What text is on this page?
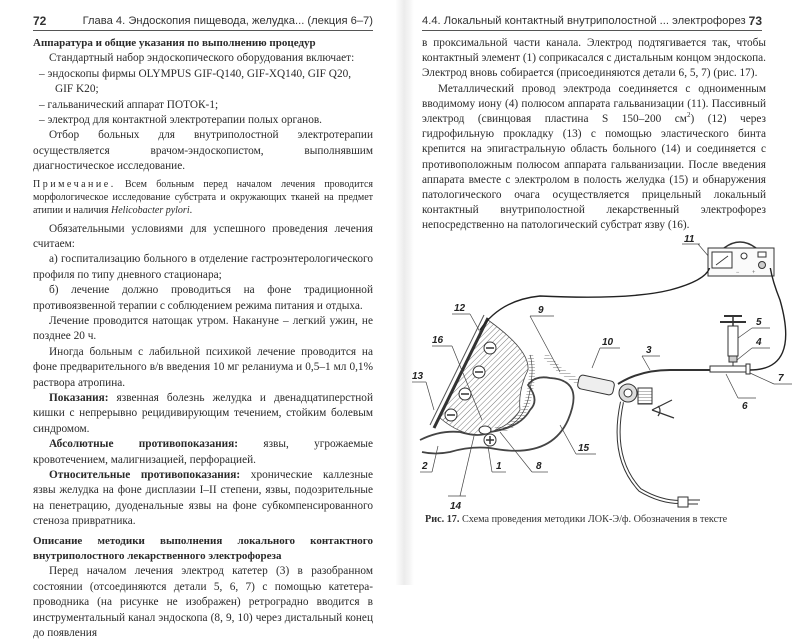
72	Глава 4. Эндоскопия пищевода, желудка... (лекция 6–7)

Аппаратура и общие указания по выполнению процедур

Стандартный набор эндоскопического оборудования включает:

– эндоскопы фирмы OLYMPUS GIF-Q140, GIF-XQ140, GIF Q20,

GIF K20;

– гальванический аппарат ПОТОК-1;

– электрод для контактной электротерапии полых органов.

Отбор больных для внутриполостной электротерапии осуществляется врачом-эндоскопистом, выполнявшим диагностическое исследование.

Примечание. Всем больным перед началом лечения проводится морфологическое исследование субстрата и окружающих тканей на предмет атипии и наличия Helicobacter pylori.

Обязательными условиями для успешного проведения лечения считаем:

а) госпитализацию больного в отделение гастроэнтерологического профиля по типу дневного стационара;

б) лечение должно проводиться на фоне традиционной противоязвенной терапии с соблюдением режима питания и отдыха.

Лечение проводится натощак утром. Накануне – легкий ужин, не позднее 20 ч.

Иногда больным с лабильной психикой лечение проводится на фоне предварительного в/в введения 10 мг реланиума и 0,5–1 мл 0,1% раствора атропина.

Показания: язвенная болезнь желудка и двенадцатиперстной кишки с непрерывно рецидивирующим течением, стойким болевым синдромом.

Абсолютные противопоказания: язвы, угрожаемые кровотечением, малигнизацией, перфорацией.

Относительные противопоказания: хронические каллезные язвы желудка на фоне дисплазии I–II степени, язвы, подозрительные на пенетрацию, дуоденальные язвы на фоне субкомпенсированного стеноза привратника.

Описание методики выполнения локального контактного внутриполостного лекарственного электрофореза

Перед началом лечения электрод катетер (3) в разобранном состоянии (отсоединяются детали 5, 6, 7) с помощью катетера-проводника (на рисунке не изображен) ретроградно вводится в инструментальный канал эндоскопа (8, 9, 10) через дистальный конец до появления

4.4. Локальный контактный внутриполостной ... электрофорез 73

в проксимальной части канала. Электрод подтягивается так, чтобы контактный элемент (1) соприкасался с дистальным концом эндоскопа. Электрод вновь собирается (присоединяются детали 6, 5, 7) (рис. 17).

Металлический провод электрода соединяется с одноименным вводимому иону (4) полюсом аппарата гальванизации (11). Пассивный электрод (свинцовая пластина S 150–200 $см^2$) (12) через гидрофильную прокладку (13) с помощью эластического бинта крепится на эпигастральную область больного (14) и соединяется с противоположным полюсом аппарата гальванизации. После введения аппарата вместе с электролом в полость желудка (15) и обнаружения патологического очага осуществляется прицельный локальный контактный внутриполостной лекарственный электрофорез непосредственно на патологический субстрат язву (16).

11
− +
12
16
13
2
14
1	8
15
9
10
3
5
4
7
6
Рис. 17. Схема проведения методики ЛОК-Э/ф. Обозначения в тексте
